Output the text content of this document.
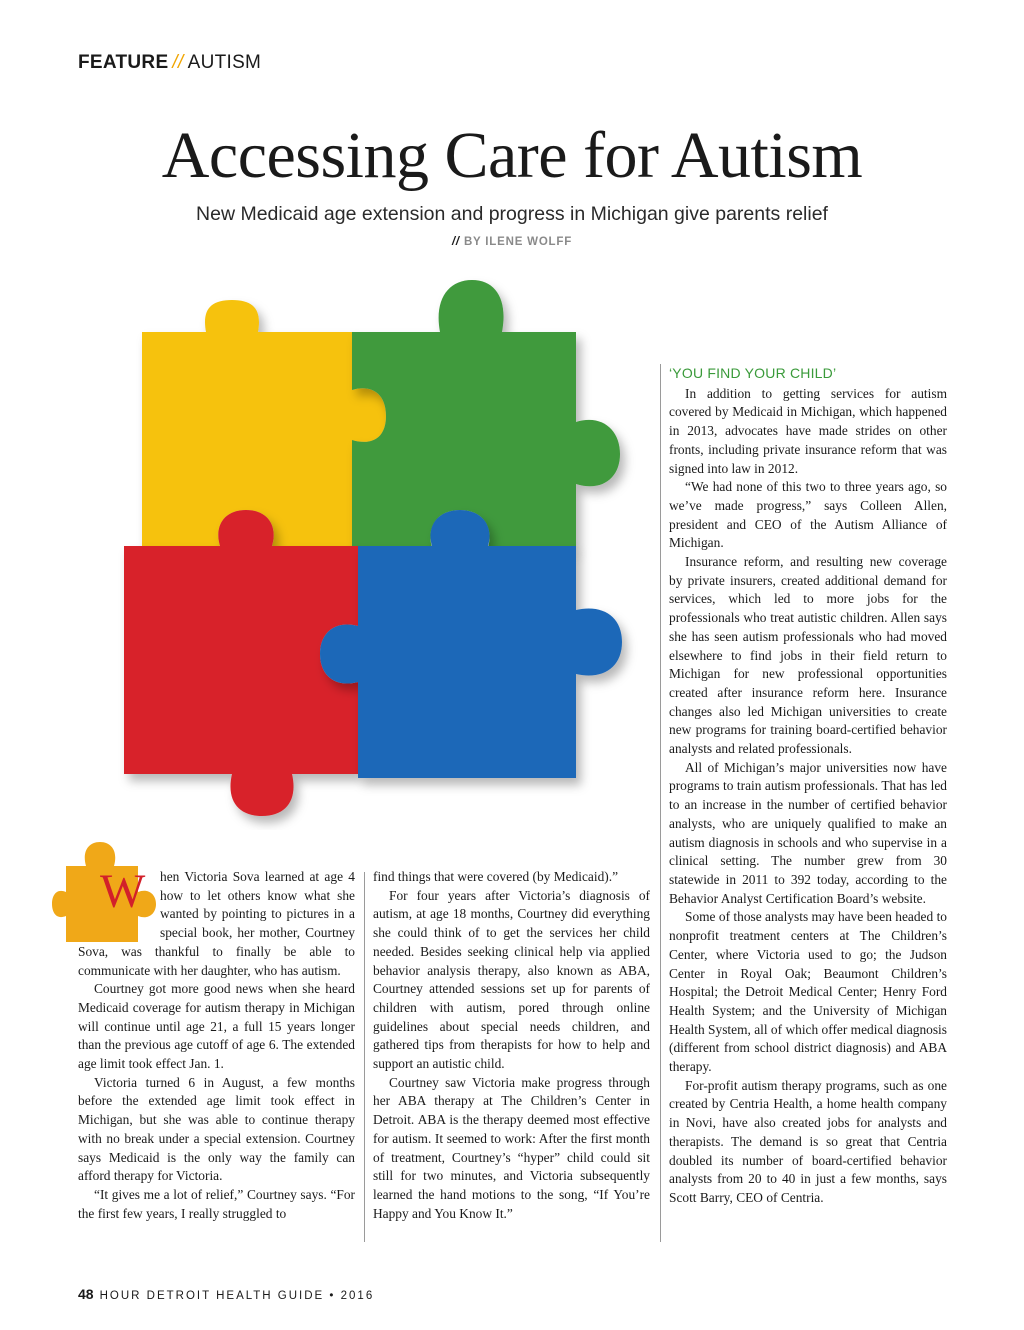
FEATURE // AUTISM
Accessing Care for Autism
New Medicaid age extension and progress in Michigan give parents relief
// BY ILENE WOLFF
W	hen Victoria Sova learned at age 4 how to let others know what she wanted by pointing to pictures in a special book, her mother, Courtney Sova, was thankful to finally be able to communicate with her daughter, who has autism.

Courtney got more good news when she heard Medicaid coverage for autism therapy in Michigan will continue until age 21, a full 15 years longer than the previous age cutoff of age 6. The extended age limit took effect Jan. 1.

Victoria turned 6 in August, a few months before the extended age limit took effect in Michigan, but she was able to continue therapy with no break under a special extension. Courtney says Medicaid is the only way the family can afford therapy for Victoria.

“It gives me a lot of relief,” Courtney says. “For the first few years, I really struggled to

find things that were covered (by Medicaid).”

For four years after Victoria’s diagnosis of autism, at age 18 months, Courtney did everything she could think of to get the services her child needed. Besides seeking clinical help via applied behavior analysis therapy, also known as ABA, Courtney attended sessions set up for parents of children with autism, pored through online guidelines about special needs children, and gathered tips from therapists for how to help and support an autistic child.

Courtney saw Victoria make progress through her ABA therapy at The Children’s Center in Detroit. ABA is the therapy deemed most effective for autism. It seemed to work: After the first month of treatment, Courtney’s “hyper” child could sit still for two minutes, and Victoria subsequently learned the hand motions to the song, “If You’re Happy and You Know It.”

‘YOU FIND YOUR CHILD’

In addition to getting services for autism covered by Medicaid in Michigan, which happened in 2013, advocates have made strides on other fronts, including private insurance reform that was signed into law in 2012.

“We had none of this two to three years ago, so we’ve made progress,” says Colleen Allen, president and CEO of the Autism Alliance of Michigan.

Insurance reform, and resulting new coverage by private insurers, created additional demand for services, which led to more jobs for the professionals who treat autistic children. Allen says she has seen autism professionals who had moved elsewhere to find jobs in their field return to Michigan for new professional opportunities created after insurance reform here. Insurance changes also led Michigan universities to create new programs for training board-certified behavior analysts and related professionals.

All of Michigan’s major universities now have programs to train autism professionals. That has led to an increase in the number of certified behavior analysts, who are uniquely qualified to make an autism diagnosis in schools and who supervise in a clinical setting. The number grew from 30 statewide in 2011 to 392 today, according to the Behavior Analyst Certification Board’s website.

Some of those analysts may have been headed to nonprofit treatment centers at The Children’s Center, where Victoria used to go; the Judson Center in Royal Oak; Beaumont Children’s Hospital; the Detroit Medical Center; Henry Ford Health System; and the University of Michigan Health System, all of which offer medical diagnosis (different from school district diagnosis) and ABA therapy.

For-profit autism therapy programs, such as one created by Centria Health, a home health company in Novi, have also created jobs for analysts and therapists. The demand is so great that Centria doubled its number of board-certified behavior analysts from 20 to 40 in just a few months, says Scott Barry, CEO of Centria.

48 HOUR DETROIT HEALTH GUIDE • 2016
